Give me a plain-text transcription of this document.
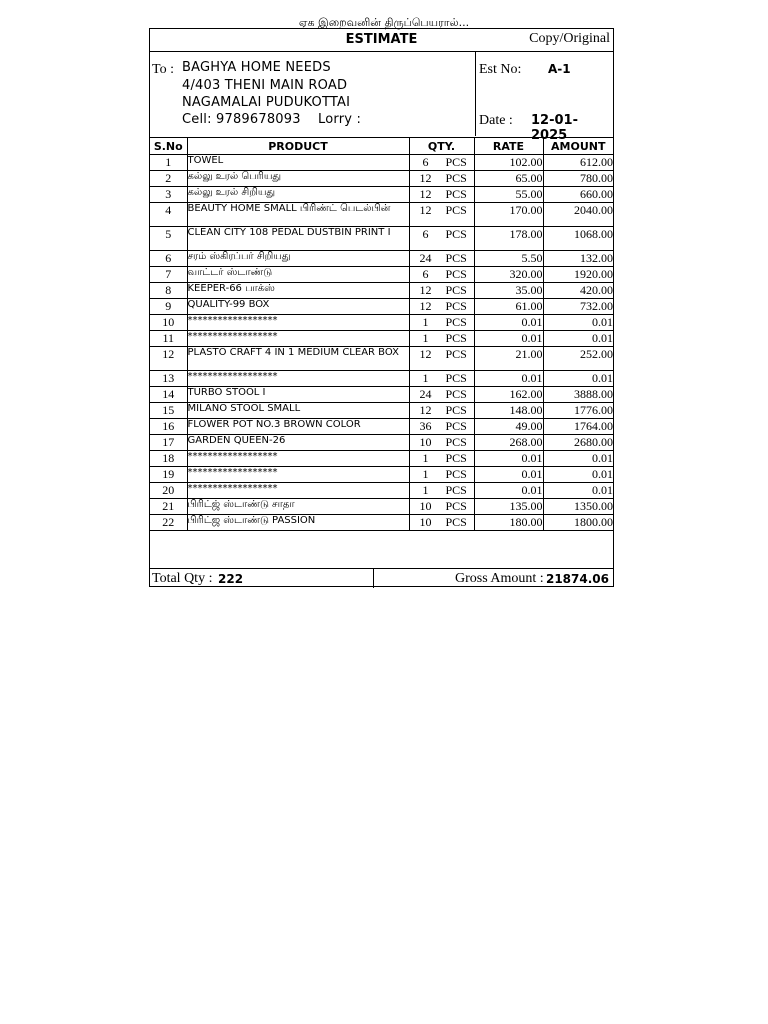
ஏக இறைவனின் திருப்பெயரால்...
ESTIMATE	Copy/Original
To : BAGHYA HOME NEEDS
4/403 THENI MAIN ROAD
NAGAMALAI PUDUKOTTAI
Cell: 9789678093    Lorry :
Est No: A-1
Date : 12-01-2025
S.No	PRODUCT	QTY.	RATE	AMOUNT
1	TOWEL	6 PCS	102.00	612.00
2	கல்லு உரல் பெரியது	12 PCS	65.00	780.00
3	கல்லு உரல் சிறியது	12 PCS	55.00	660.00
4	BEAUTY HOME SMALL பிரிண்ட் பெடல்பின்	12 PCS	170.00	2040.00
5	CLEAN CITY 108 PEDAL DUSTBIN PRINT I	6 PCS	178.00	1068.00
6	சரம் ஸ்கிரப்பர் சிறியது	24 PCS	5.50	132.00
7	வாட்டர் ஸ்டாண்டு	6 PCS	320.00	1920.00
8	KEEPER-66 பாக்ஸ்	12 PCS	35.00	420.00
9	QUALITY-99 BOX	12 PCS	61.00	732.00
10	******************	1 PCS	0.01	0.01
11	******************	1 PCS	0.01	0.01
12	PLASTO CRAFT 4 IN 1 MEDIUM CLEAR BOX	12 PCS	21.00	252.00
13	******************	1 PCS	0.01	0.01
14	TURBO STOOL I	24 PCS	162.00	3888.00
15	MILANO STOOL SMALL	12 PCS	148.00	1776.00
16	FLOWER POT NO.3 BROWN COLOR	36 PCS	49.00	1764.00
17	GARDEN QUEEN-26	10 PCS	268.00	2680.00
18	******************	1 PCS	0.01	0.01
19	******************	1 PCS	0.01	0.01
20	******************	1 PCS	0.01	0.01
21	பிரிட்ஜ் ஸ்டாண்டு சாதா	10 PCS	135.00	1350.00
22	பிரிட்ஜ ஸ்டாண்டு PASSION	10 PCS	180.00	1800.00
Total Qty : 222	Gross Amount : 21874.06
